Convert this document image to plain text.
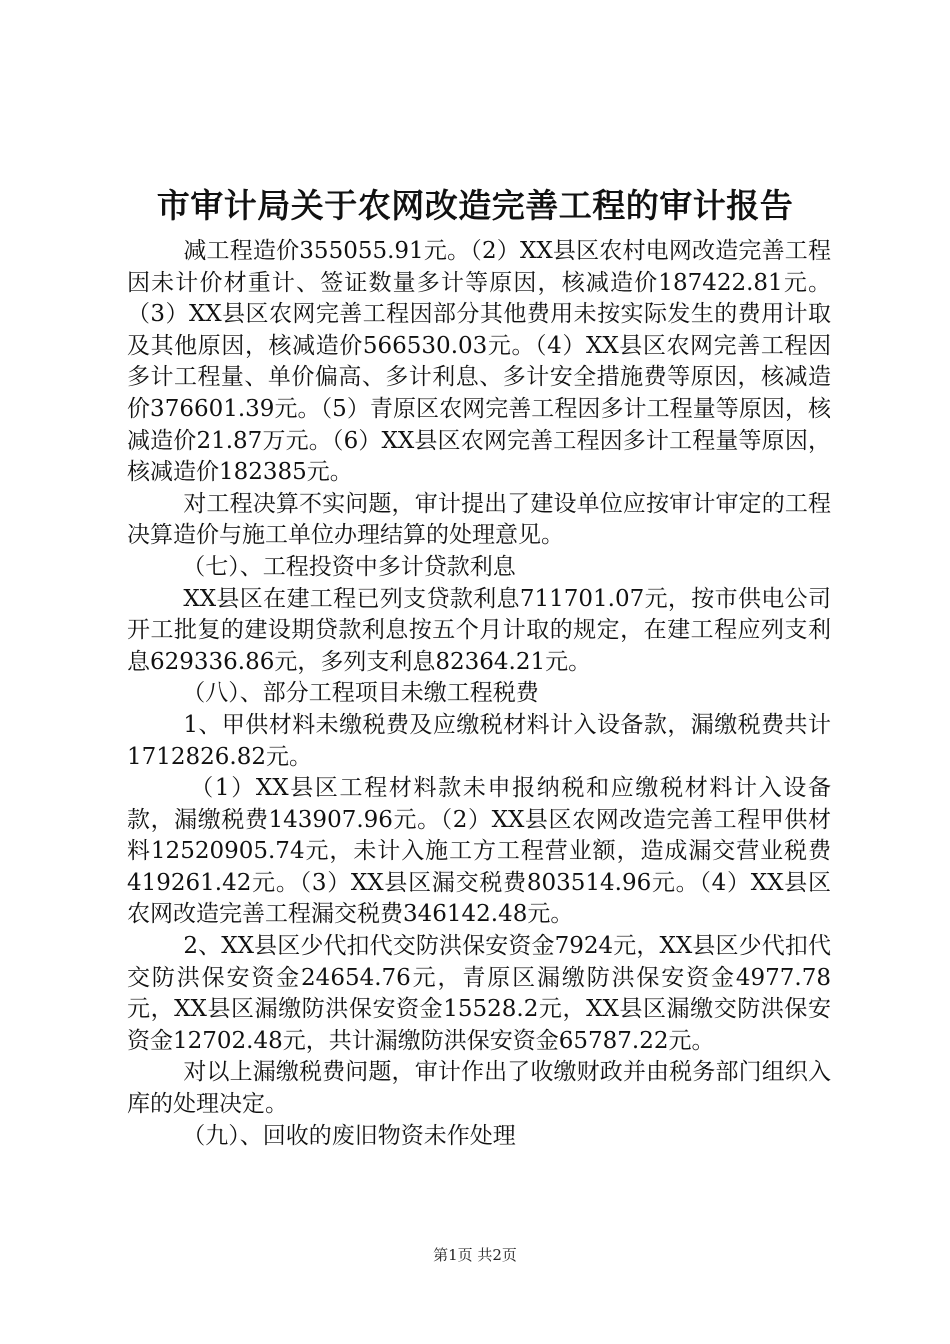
市审计局关于农网改造完善工程的审计报告

减工程造价355055.91元。（2）XX县区农村电网改造完善工程因未计价材重计、签证数量多计等原因，核减造价187422.81元。（3）XX县区农网完善工程因部分其他费用未按实际发生的费用计取及其他原因，核减造价566530.03元。（4）XX县区农网完善工程因多计工程量、单价偏高、多计利息、多计安全措施费等原因，核减造价376601.39元。（5）青原区农网完善工程因多计工程量等原因，核减造价21.87万元。（6）XX县区农网完善工程因多计工程量等原因，核减造价182385元。

对工程决算不实问题，审计提出了建设单位应按审计审定的工程决算造价与施工单位办理结算的处理意见。

（七）、工程投资中多计贷款利息

XX县区在建工程已列支贷款利息711701.07元，按市供电公司开工批复的建设期贷款利息按五个月计取的规定，在建工程应列支利息629336.86元，多列支利息82364.21元。

（八）、部分工程项目未缴工程税费

1、甲供材料未缴税费及应缴税材料计入设备款，漏缴税费共计1712826.82元。

（1）XX县区工程材料款未申报纳税和应缴税材料计入设备款，漏缴税费143907.96元。（2）XX县区农网改造完善工程甲供材料12520905.74元，未计入施工方工程营业额，造成漏交营业税费419261.42元。（3）XX县区漏交税费803514.96元。（4）XX县区农网改造完善工程漏交税费346142.48元。

2、XX县区少代扣代交防洪保安资金7924元，XX县区少代扣代交防洪保安资金24654.76元，青原区漏缴防洪保安资金4977.78元，XX县区漏缴防洪保安资金15528.2元，XX县区漏缴交防洪保安资金12702.48元，共计漏缴防洪保安资金65787.22元。

对以上漏缴税费问题，审计作出了收缴财政并由税务部门组织入库的处理决定。

（九）、回收的废旧物资未作处理

第1页 共2页
